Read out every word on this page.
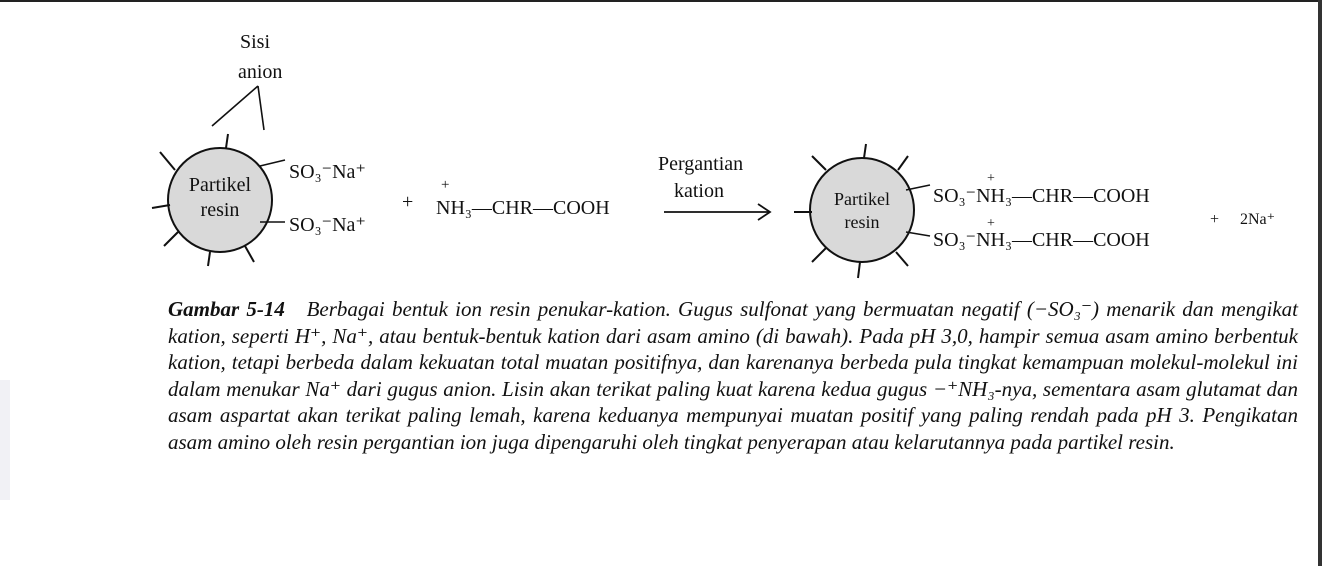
Sisi
anion
Partikel
resin
SO₃⁻Na⁺
SO₃⁻Na⁺
+
+
NH₃—CHR—COOH
Pergantian
kation	Partikel
resin
+
SO₃⁻NH₃—CHR—COOH
+
SO₃⁻NH₃—CHR—COOH
+ 2Na⁺

Gambar 5-14 Berbagai bentuk ion resin penukar-kation. Gugus sulfonat yang bermuatan negatif (−SO₃⁻) menarik dan mengikat kation, seperti H⁺, Na⁺, atau bentuk-bentuk kation dari asam amino (di bawah). Pada pH 3,0, hampir semua asam amino berbentuk kation, tetapi berbeda dalam kekuatan total muatan positifnya, dan karenanya berbeda pula tingkat kemampuan molekul-molekul ini dalam menukar Na⁺ dari gugus anion. Lisin akan terikat paling kuat karena kedua gugus −⁺NH₃-nya, sementara asam glutamat dan asam aspartat akan terikat paling lemah, karena keduanya mempunyai muatan positif yang paling rendah pada pH 3. Pengikatan asam amino oleh resin pergantian ion juga dipengaruhi oleh tingkat penyerapan atau kelarutannya pada partikel resin.
